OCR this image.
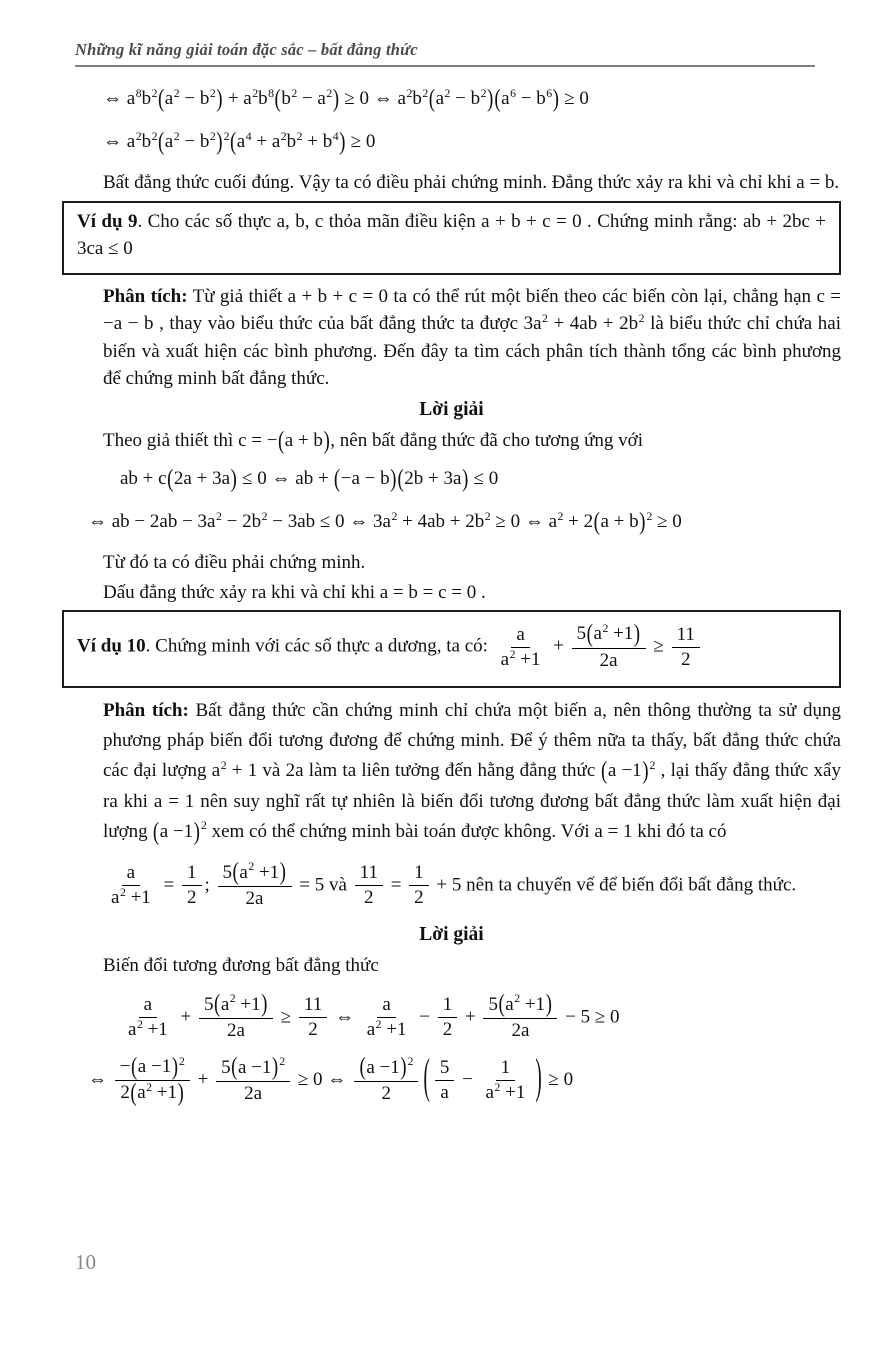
Những kĩ năng giải toán đặc sắc – bất đẳng thức
⇔ $a^8b^2(a^2 - b^2) + a^2b^8(b^2 - a^2) \ge 0$ ⇔ $a^2b^2(a^2 - b^2)(a^6 - b^6) \ge 0$
⇔ $a^2b^2(a^2 - b^2)^2(a^4 + a^2b^2 + b^4) \ge 0$

Bất đẳng thức cuối đúng. Vậy ta có điều phải chứng minh. Đẳng thức xảy ra khi và chỉ khi a = b.

Ví dụ 9. Cho các số thực a, b, c thỏa mãn điều kiện a + b + c = 0 . Chứng minh rằng: ab + 2bc + 3ca ≤ 0

Phân tích: Từ giả thiết a + b + c = 0 ta có thể rút một biến theo các biến còn lại, chẳng hạn c = −a − b , thay vào biểu thức của bất đẳng thức ta được $3a^2 + 4ab + 2b^2$ là biểu thức chỉ chứa hai biến và xuất hiện các bình phương. Đến đây ta tìm cách phân tích thành tổng các bình phương để chứng minh bất đẳng thức.

Lời giải

Theo giả thiết thì c = −(a + b), nên bất đẳng thức đã cho tương ứng với

ab + c(2a + 3a) ≤ 0 ⇔ ab + (−a − b)(2b + 3a) ≤ 0
⇔ ab − $2ab - 3a^2 - 2b^2 - 3ab \le 0$ ⇔ $3a^2 + 4ab + 2b^2 \ge 0$ ⇔ $a^2 + 2(a + b)^2 \ge 0$

Từ đó ta có điều phải chứng minh.

Dấu đẳng thức xảy ra khi và chỉ khi a = b = c = 0 .

Ví dụ 10. Chứng minh với các số thực a dương, ta có: $\frac{a}{a^2 +1} + \frac{5(a^2 +1)}{2a} \ge \frac{11}{2}$

Phân tích: Bất đẳng thức cần chứng minh chỉ chứa một biến a, nên thông thường ta sử dụng phương pháp biến đổi tương đương để chứng minh. Để ý thêm nữa ta thấy, bất đẳng thức chứa các đại lượng $a^2 + 1$ và 2a làm ta liên tưởng đến hằng đẳng thức $(a -1)^2$ , lại thấy đẳng thức xẩy ra khi a = 1 nên suy nghĩ rất tự nhiên là biến đổi tương đương bất đẳng thức làm xuất hiện đại lượng $(a -1)^2$ xem có thể chứng minh bài toán được không. Với a = 1 khi đó ta có

$\frac{a}{a^2 +1} = \frac{1}{2}$ ; $\frac{5(a^2 +1)}{2a} = 5$ và $\frac{11}{2} = \frac{1}{2} + 5$ nên ta chuyển vế để biến đổi bất đẳng thức.
Lời giải

Biến đổi tương đương bất đẳng thức

$\frac{a}{a^2 +1} + \frac{5(a^2 +1)}{2a} \ge \frac{11}{2}$ ⇔ $\frac{a}{a^2 +1} - \frac{1}{2} + \frac{5(a^2 +1)}{2a} - 5 \ge 0$
⇔ $\frac{-(a -1)^2}{2(a^2 +1)} + \frac{5(a -1)^2}{2a} \ge 0$ ⇔ $\frac{(a -1)^2}{2}$ ( $\frac{5}{a} - \frac{1}{a^2 +1}$ ) ≥ 0
10
